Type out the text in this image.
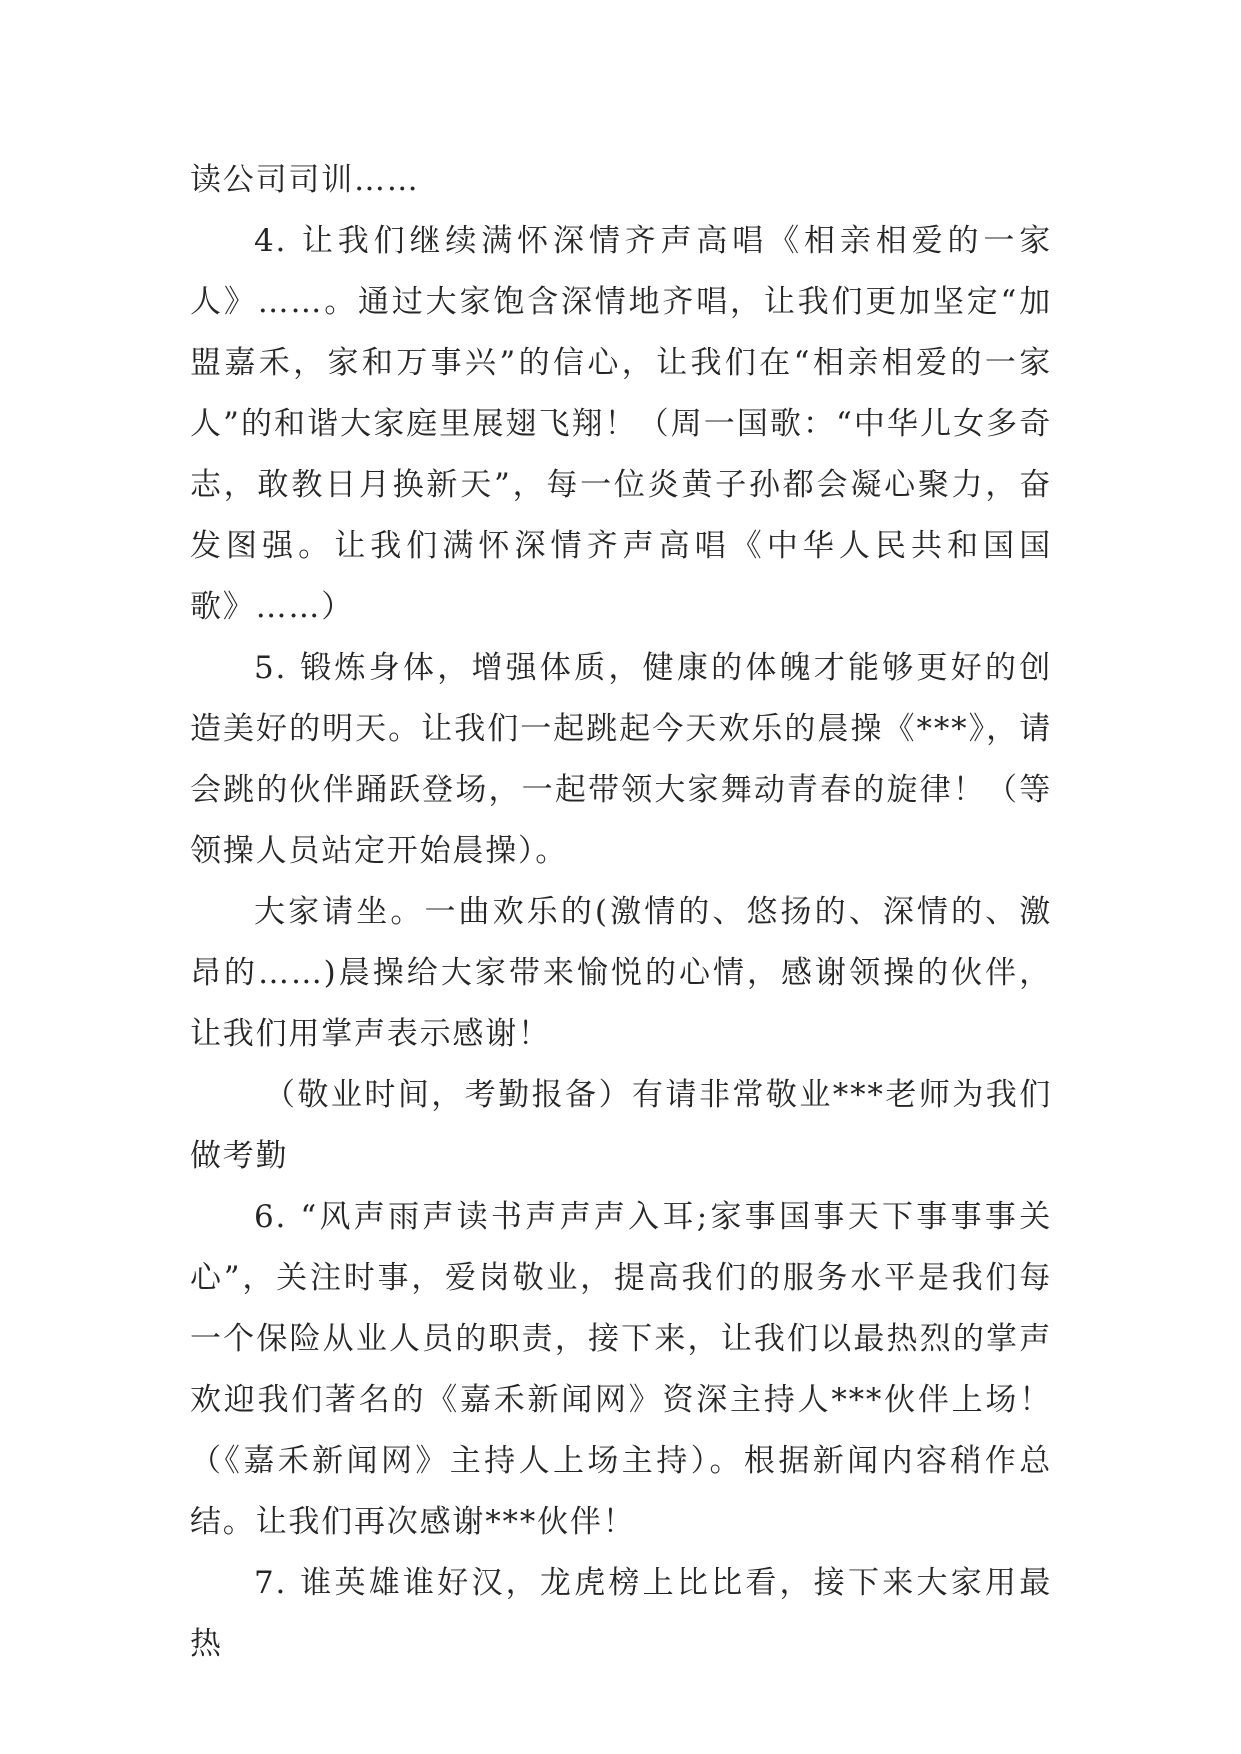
读公司司训……

4. 让我们继续满怀深情齐声高唱《相亲相爱的一家人》……。通过大家饱含深情地齐唱，让我们更加坚定“加盟嘉禾，家和万事兴”的信心，让我们在“相亲相爱的一家人”的和谐大家庭里展翅飞翔！（周一国歌：“中华儿女多奇志，敢教日月换新天”，每一位炎黄子孙都会凝心聚力，奋发图强。让我们满怀深情齐声高唱《中华人民共和国国歌》……）

5. 锻炼身体，增强体质，健康的体魄才能够更好的创造美好的明天。让我们一起跳起今天欢乐的晨操《***》，请会跳的伙伴踊跃登场，一起带领大家舞动青春的旋律！（等领操人员站定开始晨操）。

大家请坐。一曲欢乐的(激情的、悠扬的、深情的、激昂的……)晨操给大家带来愉悦的心情，感谢领操的伙伴，让我们用掌声表示感谢！

（敬业时间，考勤报备）有请非常敬业***老师为我们做考勤

6. “风声雨声读书声声声入耳;家事国事天下事事事关心”，关注时事，爱岗敬业，提高我们的服务水平是我们每一个保险从业人员的职责，接下来，让我们以最热烈的掌声欢迎我们著名的《嘉禾新闻网》资深主持人***伙伴上场！（《嘉禾新闻网》主持人上场主持）。根据新闻内容稍作总结。让我们再次感谢***伙伴！

7. 谁英雄谁好汉，龙虎榜上比比看，接下来大家用最热
